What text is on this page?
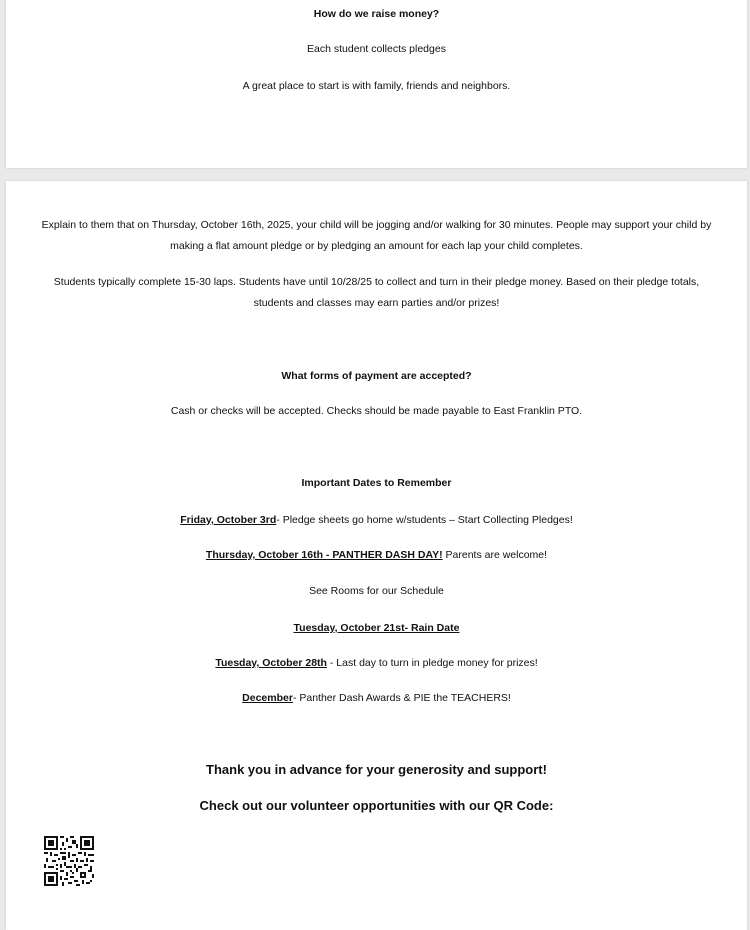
How do we raise money?
Each student collects pledges
A great place to start is with family, friends and neighbors.
Explain to them that on Thursday, October 16th, 2025, your child will be jogging and/or walking for 30 minutes. People may support your child by making a flat amount pledge or by pledging an amount for each lap your child completes.
Students typically complete 15-30 laps. Students have until 10/28/25 to collect and turn in their pledge money. Based on their pledge totals, students and classes may earn parties and/or prizes!
What forms of payment are accepted?
Cash or checks will be accepted. Checks should be made payable to East Franklin PTO.
Important Dates to Remember
Friday, October 3rd- Pledge sheets go home w/students – Start Collecting Pledges!
Thursday, October 16th - PANTHER DASH DAY! Parents are welcome!
See Rooms for our Schedule
Tuesday, October 21st- Rain Date
Tuesday, October 28th - Last day to turn in pledge money for prizes!
December- Panther Dash Awards & PIE the TEACHERS!
Thank you in advance for your generosity and support!
Check out our volunteer opportunities with our QR Code:
